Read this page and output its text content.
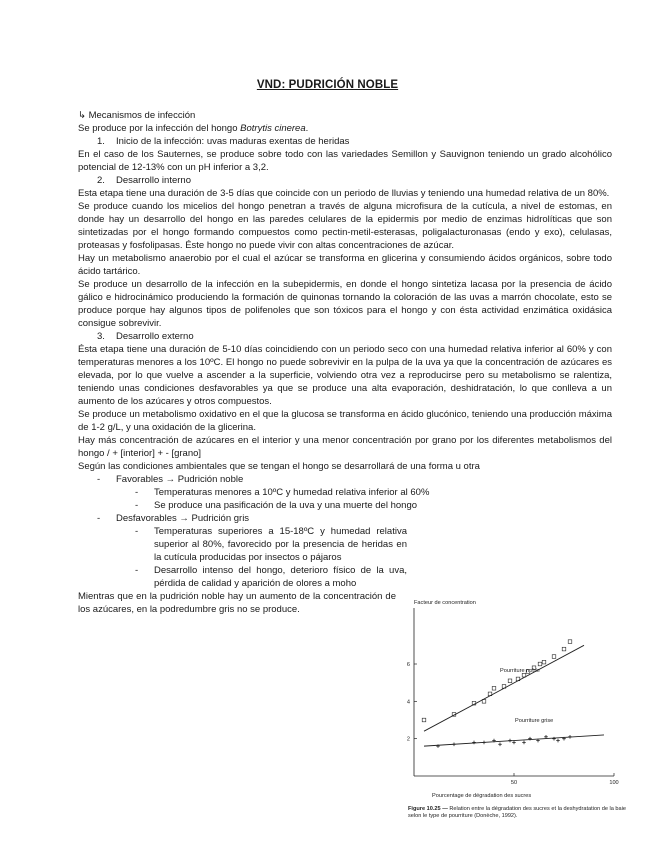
VND: PUDRICIÓN NOBLE

↳ Mecanismos de infección

Se produce por la infección del hongo Botrytis cinerea.

1. Inicio de la infección: uvas maduras exentas de heridas

En el caso de los Sauternes, se produce sobre todo con las variedades Semillon y Sauvignon teniendo un grado alcohólico potencial de 12-13% con un pH inferior a 3,2.

2. Desarrollo interno

Esta etapa tiene una duración de 3-5 días que coincide con un periodo de lluvias y teniendo una humedad relativa de un 80%.

Se produce cuando los micelios del hongo penetran a través de alguna microfisura de la cutícula, a nivel de estomas, en donde hay un desarrollo del hongo en las paredes celulares de la epidermis por medio de enzimas hidrolíticas que son sintetizadas por el hongo formando compuestos como pectin-metil-esterasas, poligalacturonasas (endo y exo), celulasas, proteasas y fosfolipasas. Éste hongo no puede vivir con altas concentraciones de azúcar.

Hay un metabolismo anaerobio por el cual el azúcar se transforma en glicerina y consumiendo ácidos orgánicos, sobre todo ácido tartárico.

Se produce un desarrollo de la infección en la subepidermis, en donde el hongo sintetiza lacasa por la presencia de ácido gálico e hidrocinámico produciendo la formación de quinonas tornando la coloración de las uvas a marrón chocolate, esto se produce porque hay algunos tipos de polifenoles que son tóxicos para el hongo y con ésta actividad enzimática oxidásica consigue sobrevivir.

3. Desarrollo externo

Ésta etapa tiene una duración de 5-10 días coincidiendo con un periodo seco con una humedad relativa inferior al 60% y con temperaturas menores a los 10ºC. El hongo no puede sobrevivir en la pulpa de la uva ya que la concentración de azúcares es elevada, por lo que vuelve a ascender a la superficie, volviendo otra vez a reproducirse pero su metabolismo se ralentiza, teniendo unas condiciones desfavorables ya que se produce una alta evaporación, deshidratación, lo que conlleva a un aumento de los azúcares y otros compuestos.

Se produce un metabolismo oxidativo en el que la glucosa se transforma en ácido glucónico, teniendo una producción máxima de 1-2 g/L, y una oxidación de la glicerina.

Hay más concentración de azúcares en el interior y una menor concentración por grano por los diferentes metabolismos del hongo / + [interior] + - [grano]

Según las condiciones ambientales que se tengan el hongo se desarrollará de una forma u otra

- Favorables → Pudrición noble

- Temperaturas menores a 10ºC y humedad relativa inferior al 60%

- Se produce una pasificación de la uva y una muerte del hongo

- Desfavorables → Pudrición gris

-	Temperaturas superiores a 15-18ºC y humedad relativa superior al 80%, favorecido por la presencia de heridas en la cutícula producidas por insectos o pájaros
-	Desarrollo intenso del hongo, deterioro físico de la uva, pérdida de calidad y aparición de olores a moho

Mientras que en la pudrición noble hay un aumento de la concentración de los azúcares, en la podredumbre gris no se produce.

Facteur de concentration
Pourriture noble
Pourriture grise
Pourcentage de dégradation des sucres
2
4
6
50	100
Figure 10.25 — Relation entre la dégradation des sucres et la deshydratation de la baie selon le type de pourriture (Donèche, 1992).
